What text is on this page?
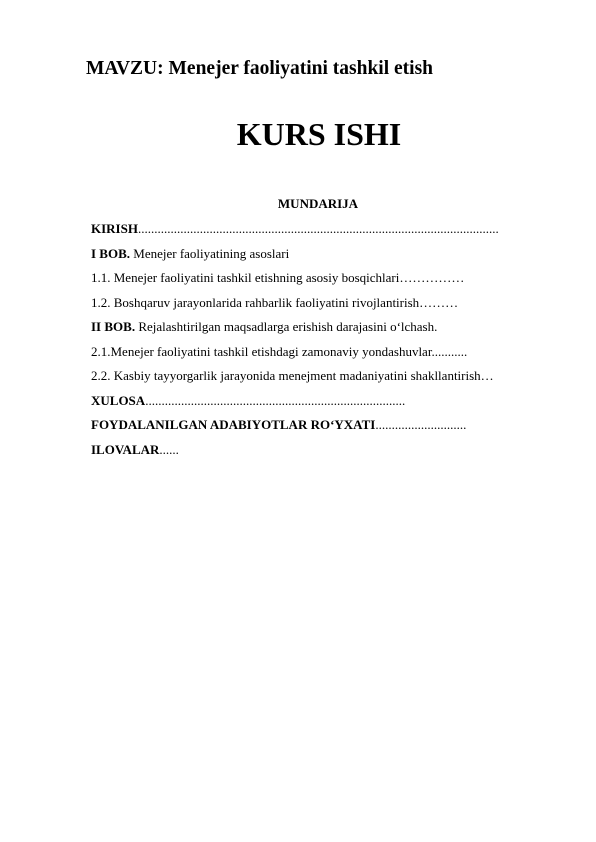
MAVZU: Menejer faoliyatini tashkil etish
KURS ISHI
MUNDARIJA
KIRISH...............................................................................................................
I BOB. Menejer faoliyatining asoslari
1.1. Menejer faoliyatini tashkil etishning asosiy bosqichlari……………
1.2. Boshqaruv jarayonlarida rahbarlik faoliyatini rivojlantirish………
II BOB. Rejalashtirilgan maqsadlarga erishish darajasini o‘lchash.
2.1.Menejer faoliyatini tashkil etishdagi zamonaviy yondashuvlar...........
2.2. Kasbiy tayyorgarlik jarayonida menejment madaniyatini shakllantirish…
XULOSA................................................................................
FOYDALANILGAN ADABIYOTLAR RO‘YXATI............................
ILOVALAR......
